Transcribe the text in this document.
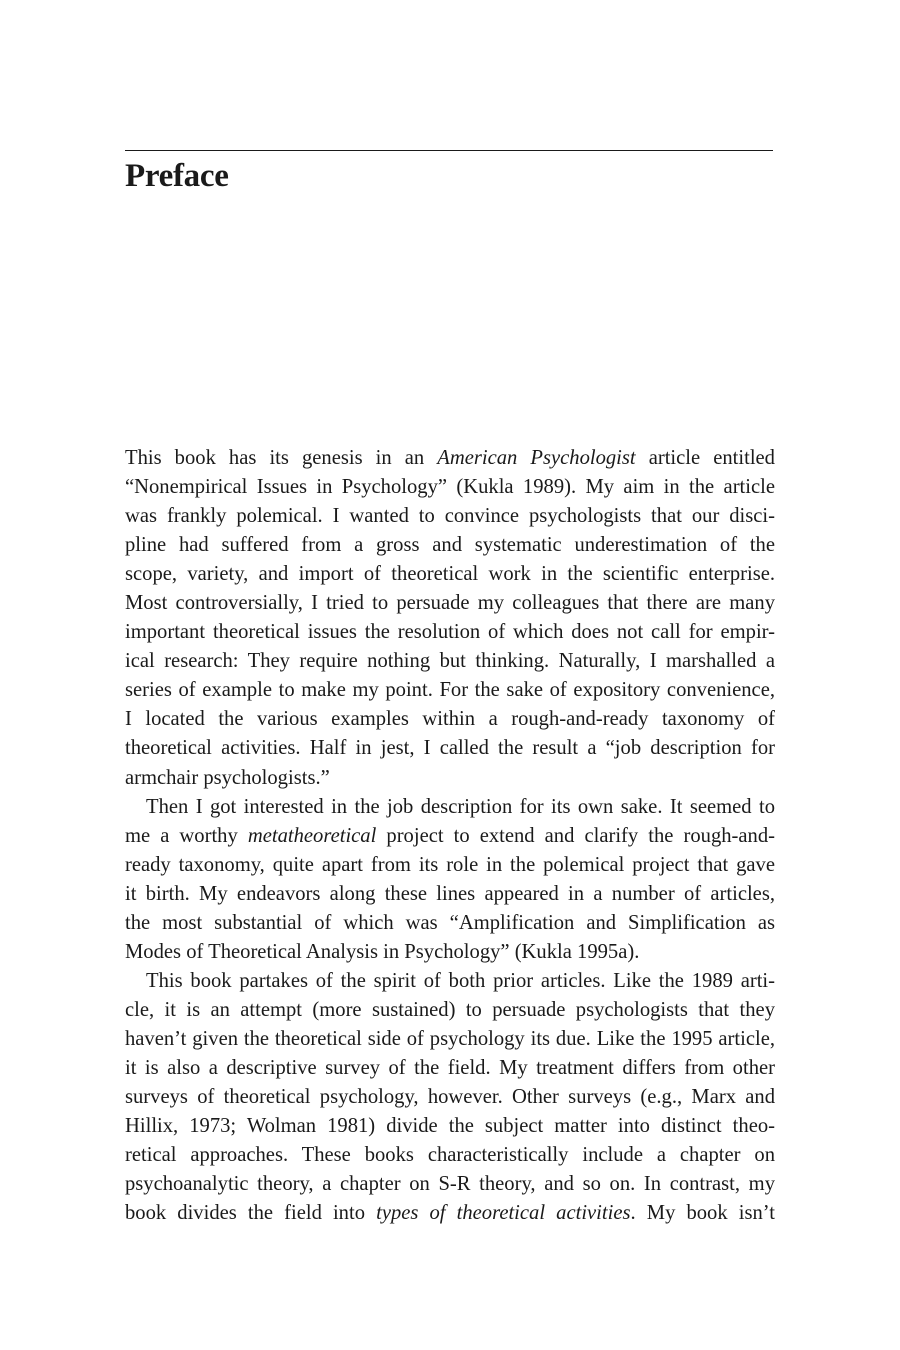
Preface

This book has its genesis in an American Psychologist article entitled
“Nonempirical Issues in Psychology” (Kukla 1989). My aim in the article
was frankly polemical. I wanted to convince psychologists that our disci-
pline had suffered from a gross and systematic underestimation of the
scope, variety, and import of theoretical work in the scientific enterprise.
Most controversially, I tried to persuade my colleagues that there are many
important theoretical issues the resolution of which does not call for empir-
ical research: They require nothing but thinking. Naturally, I marshalled a
series of example to make my point. For the sake of expository convenience,
I located the various examples within a rough-and-ready taxonomy of
theoretical activities. Half in jest, I called the result a “job description for
armchair psychologists.”

Then I got interested in the job description for its own sake. It seemed to
me a worthy metatheoretical project to extend and clarify the rough-and-
ready taxonomy, quite apart from its role in the polemical project that gave
it birth. My endeavors along these lines appeared in a number of articles,
the most substantial of which was “Amplification and Simplification as
Modes of Theoretical Analysis in Psychology” (Kukla 1995a).

This book partakes of the spirit of both prior articles. Like the 1989 arti-
cle, it is an attempt (more sustained) to persuade psychologists that they
haven’t given the theoretical side of psychology its due. Like the 1995 article,
it is also a descriptive survey of the field. My treatment differs from other
surveys of theoretical psychology, however. Other surveys (e.g., Marx and
Hillix, 1973; Wolman 1981) divide the subject matter into distinct theo-
retical approaches. These books characteristically include a chapter on
psychoanalytic theory, a chapter on S-R theory, and so on. In contrast, my
book divides the field into types of theoretical activities. My book isn’t
